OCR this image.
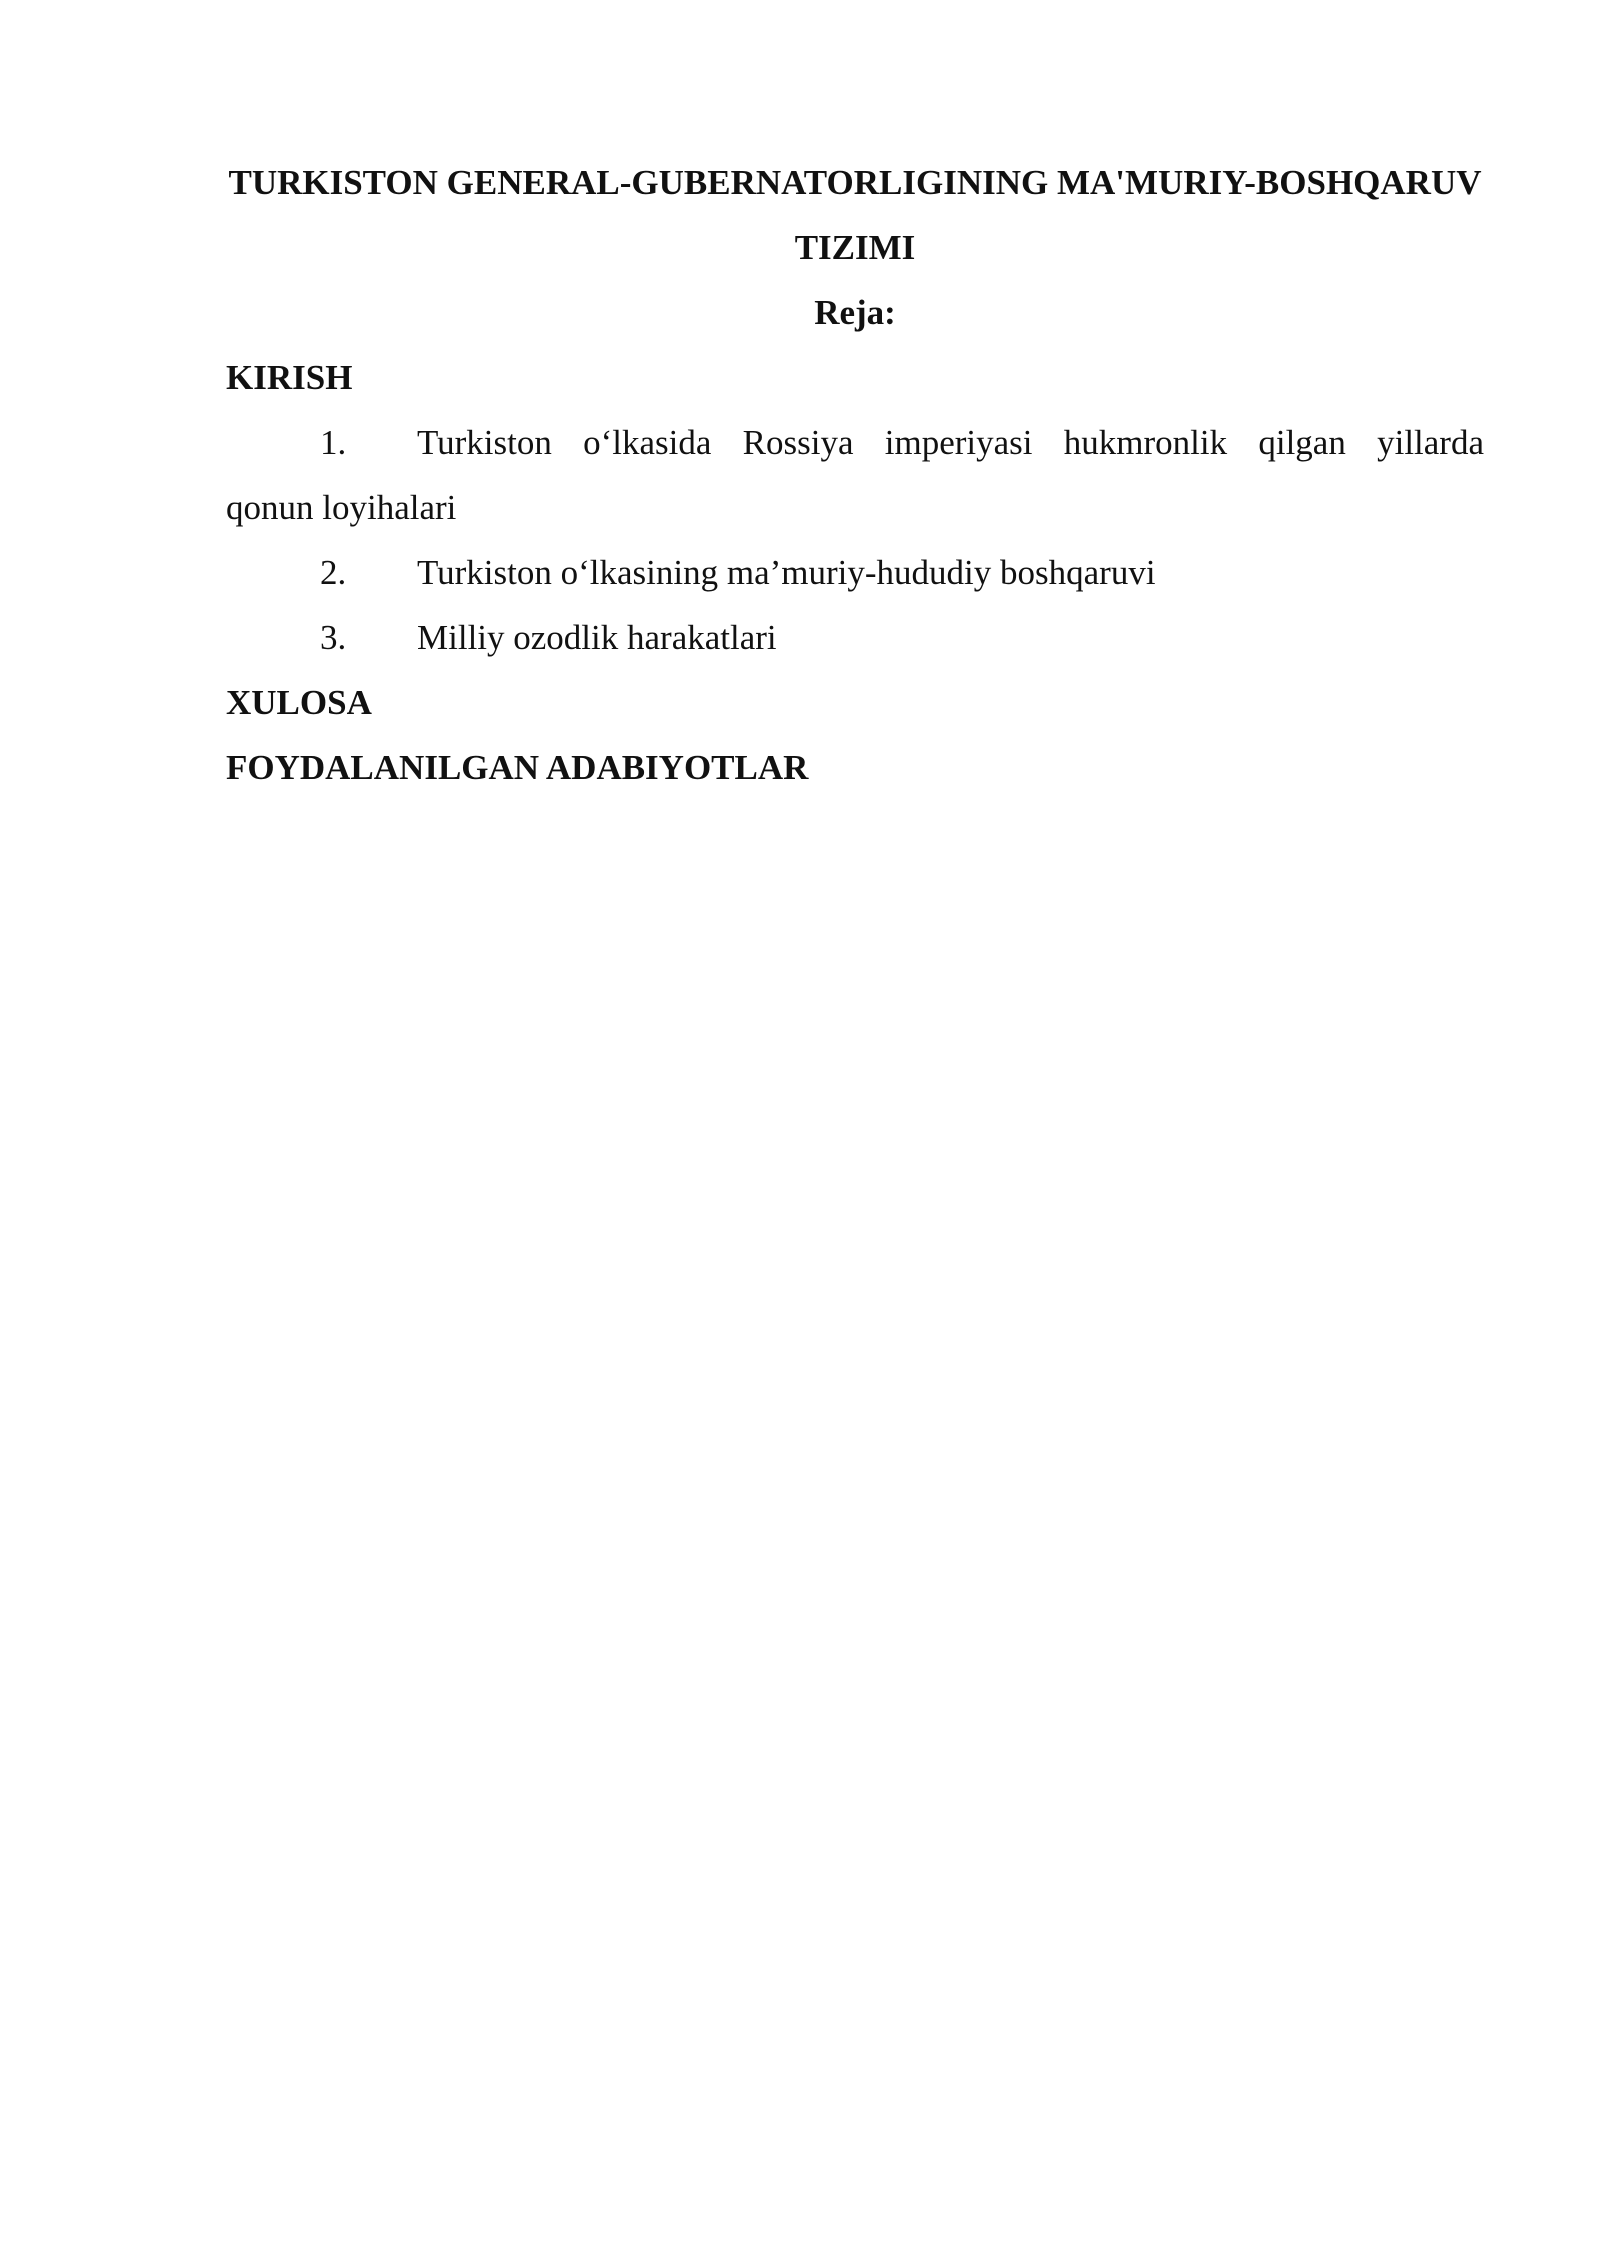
TURKISTON GENERAL-GUBERNATORLIGINING MA'MURIY-BOSHQARUV TIZIMI

Reja:

KIRISH

1. Turkiston o‘lkasida Rossiya imperiyasi hukmronlik qilgan yillarda
qonun loyihalari
2. Turkiston o‘lkasining ma’muriy-hududiy boshqaruvi
3. Milliy ozodlik harakatlari

XULOSA

FOYDALANILGAN ADABIYOTLAR
